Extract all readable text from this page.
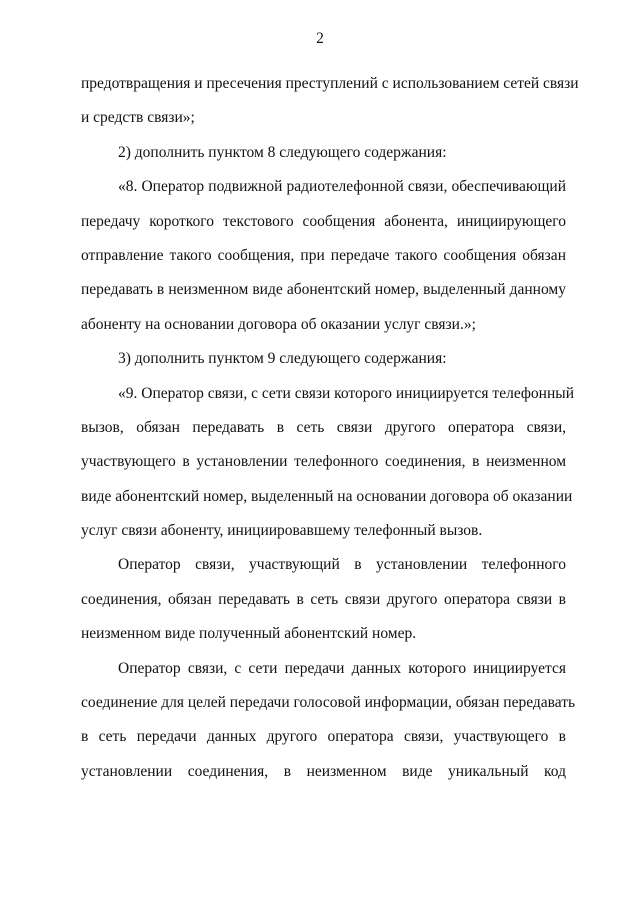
2
предотвращения и пресечения преступлений с использованием сетей связи
и средств связи»;
2) дополнить пунктом 8 следующего содержания:
«8. Оператор подвижной радиотелефонной связи, обеспечивающий
передачу короткого текстового сообщения абонента, инициирующего
отправление такого сообщения, при передаче такого сообщения обязан
передавать в неизменном виде абонентский номер, выделенный данному
абоненту на основании договора об оказании услуг связи.»;
3) дополнить пунктом 9 следующего содержания:
«9. Оператор связи, с сети связи которого инициируется телефонный
вызов, обязан передавать в сеть связи другого оператора связи,
участвующего в установлении телефонного соединения, в неизменном
виде абонентский номер, выделенный на основании договора об оказании
услуг связи абоненту, инициировавшему телефонный вызов.
Оператор связи, участвующий в установлении телефонного
соединения, обязан передавать в сеть связи другого оператора связи в
неизменном виде полученный абонентский номер.
Оператор связи, с сети передачи данных которого инициируется
соединение для целей передачи голосовой информации, обязан передавать
в сеть передачи данных другого оператора связи, участвующего в
установлении соединения, в неизменном виде уникальный код
